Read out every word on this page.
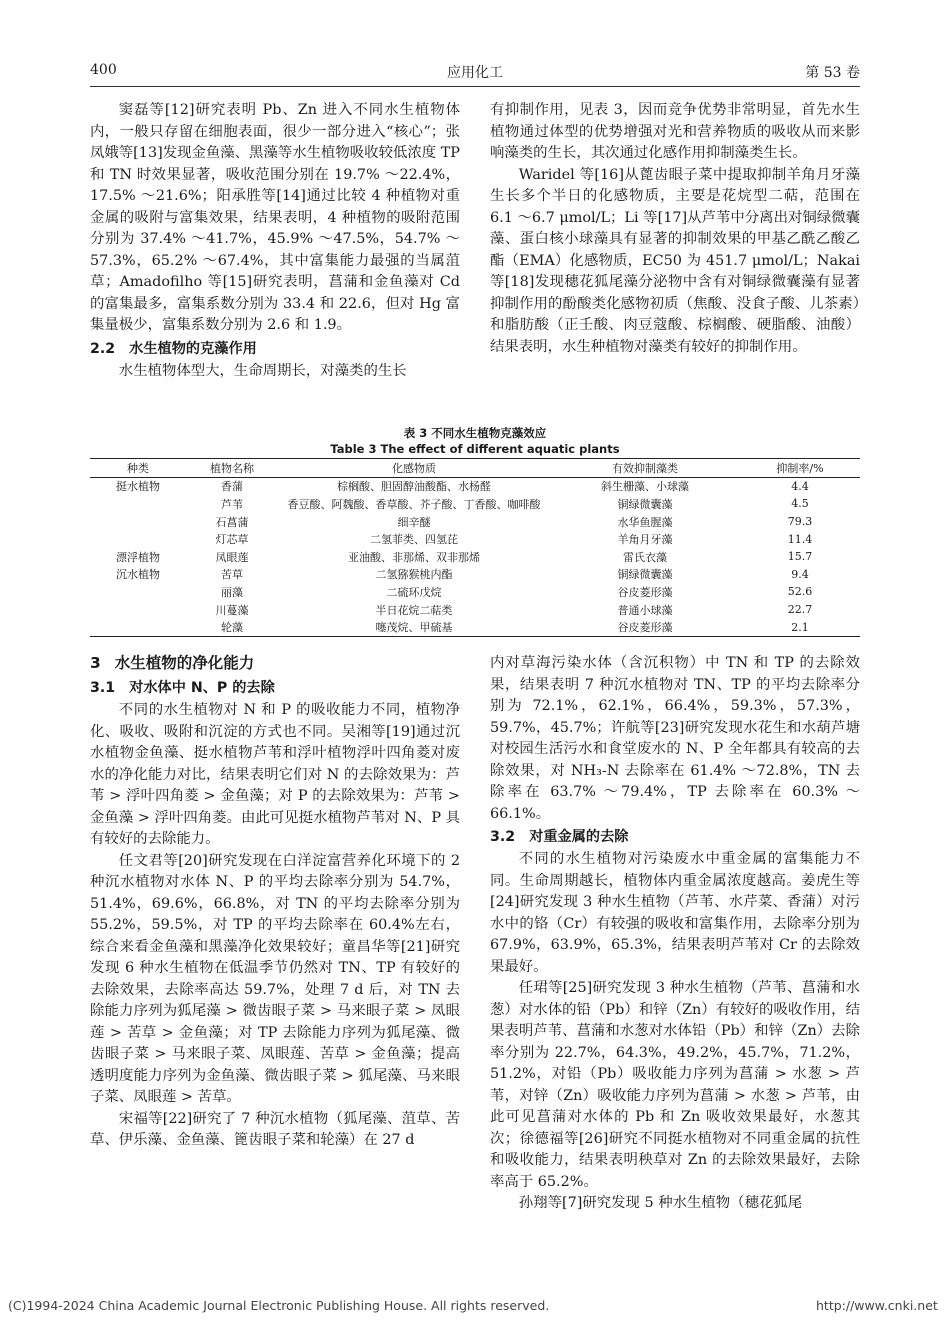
400	应用化工	第 53 卷

窦磊等[12]研究表明 Pb、Zn 进入不同水生植物体内，一般只存留在细胞表面，很少一部分进入“核心”；张凤娥等[13]发现金鱼藻、黑藻等水生植物吸收较低浓度 TP 和 TN 时效果显著，吸收范围分别在 19.7% ～22.4%，17.5% ～21.6%；阳承胜等[14]通过比较 4 种植物对重金属的吸附与富集效果，结果表明，4 种植物的吸附范围分别为 37.4% ～41.7%，45.9% ～47.5%，54.7% ～57.3%，65.2% ～67.4%，其中富集能力最强的当属菹草；Amadofilho 等[15]研究表明，菖蒲和金鱼藻对 Cd 的富集最多，富集系数分别为 33.4 和 22.6，但对 Hg 富集量极少，富集系数分别为 2.6 和 1.9。

2.2 水生植物的克藻作用

水生植物体型大，生命周期长，对藻类的生长

有抑制作用，见表 3，因而竞争优势非常明显，首先水生植物通过体型的优势增强对光和营养物质的吸收从而来影响藻类的生长，其次通过化感作用抑制藻类生长。

Waridel 等[16]从蓖齿眼子菜中提取抑制羊角月牙藻生长多个半日的化感物质，主要是花烷型二萜，范围在 6.1 ～6.7 μmol/L；Li 等[17]从芦苇中分离出对铜绿微囊藻、蛋白核小球藻具有显著的抑制效果的甲基乙酰乙酸乙酯（EMA）化感物质，EC50 为 451.7 μmol/L；Nakai 等[18]发现穗花狐尾藻分泌物中含有对铜绿微囊藻有显著抑制作用的酚酸类化感物初质（焦酸、没食子酸、儿茶素）和脂肪酸（正壬酸、肉豆蔻酸、棕榈酸、硬脂酸、油酸）结果表明，水生种植物对藻类有较好的抑制作用。

表 3 不同水生植物克藻效应
Table 3 The effect of different aquatic plants
种类	植物名称	化感物质	有效抑制藻类	抑制率/%
挺水植物	香蒲	棕榈酸、胆固醇油酸酯、水杨醛	斜生栅藻、小球藻	4.4
	芦苇	香豆酸、阿魏酸、香草酸、芥子酸、丁香酸、咖啡酸	铜绿微囊藻	4.5
	石菖蒲	细辛醚	水华鱼腥藻	79.3
	灯芯草	二氢菲类、四氢芘	羊角月牙藻	11.4
漂浮植物	凤眼莲	亚油酸、非那烯、双非那烯	雷氏衣藻	15.7
沉水植物	苦草	二氢猕猴桃内酯	铜绿微囊藻	9.4
	丽藻	二硫环戊烷	谷皮菱形藻	52.6
	川蔓藻	半日花烷二萜类	普通小球藻	22.7
	轮藻	噻茂烷、甲硫基	谷皮菱形藻	2.1
3 水生植物的净化能力
3.1 对水体中 N、P 的去除

不同的水生植物对 N 和 P 的吸收能力不同，植物净化、吸收、吸附和沉淀的方式也不同。吴湘等[19]通过沉水植物金鱼藻、挺水植物芦苇和浮叶植物浮叶四角菱对废水的净化能力对比，结果表明它们对 N 的去除效果为：芦苇 > 浮叶四角菱 > 金鱼藻；对 P 的去除效果为：芦苇 > 金鱼藻 > 浮叶四角菱。由此可见挺水植物芦苇对 N、P 具有较好的去除能力。

任文君等[20]研究发现在白洋淀富营养化环境下的 2 种沉水植物对水体 N、P 的平均去除率分别为 54.7%，51.4%，69.6%，66.8%，对 TN 的平均去除率分别为 55.2%，59.5%，对 TP 的平均去除率在 60.4%左右，综合来看金鱼藻和黑藻净化效果较好；童昌华等[21]研究发现 6 种水生植物在低温季节仍然对 TN、TP 有较好的去除效果，去除率高达 59.7%，处理 7 d 后，对 TN 去除能力序列为狐尾藻 > 微齿眼子菜 > 马来眼子菜 > 凤眼莲 > 苦草 > 金鱼藻；对 TP 去除能力序列为狐尾藻、微齿眼子菜 > 马来眼子菜、凤眼莲、苦草 > 金鱼藻；提高透明度能力序列为金鱼藻、微齿眼子菜 > 狐尾藻、马来眼子菜、凤眼莲 > 苦草。

宋福等[22]研究了 7 种沉水植物（狐尾藻、菹草、苦草、伊乐藻、金鱼藻、篦齿眼子菜和轮藻）在 27 d

内对草海污染水体（含沉积物）中 TN 和 TP 的去除效果，结果表明 7 种沉水植物对 TN、TP 的平均去除率分别为 72.1%，62.1%，66.4%，59.3%，57.3%，59.7%，45.7%；许航等[23]研究发现水花生和水葫芦塘对校园生活污水和食堂废水的 N、P 全年都具有较高的去除效果，对 NH₃-N 去除率在 61.4% ～72.8%，TN 去除率在 63.7% ～79.4%，TP 去除率在 60.3% ～66.1%。

3.2 对重金属的去除

不同的水生植物对污染废水中重金属的富集能力不同。生命周期越长，植物体内重金属浓度越高。姜虎生等[24]研究发现 3 种水生植物（芦苇、水芹菜、香蒲）对污水中的铬（Cr）有较强的吸收和富集作用，去除率分别为 67.9%，63.9%，65.3%，结果表明芦苇对 Cr 的去除效果最好。

任珺等[25]研究发现 3 种水生植物（芦苇、菖蒲和水葱）对水体的铅（Pb）和锌（Zn）有较好的吸收作用，结果表明芦苇、菖蒲和水葱对水体铅（Pb）和锌（Zn）去除率分别为 22.7%，64.3%，49.2%，45.7%，71.2%，51.2%，对铅（Pb）吸收能力序列为菖蒲 > 水葱 > 芦苇，对锌（Zn）吸收能力序列为菖蒲 > 水葱 > 芦苇，由此可见菖蒲对水体的 Pb 和 Zn 吸收效果最好，水葱其次；徐德福等[26]研究不同挺水植物对不同重金属的抗性和吸收能力，结果表明秧草对 Zn 的去除效果最好，去除率高于 65.2%。

孙翔等[7]研究发现 5 种水生植物（穗花狐尾

(C)1994-2024 China Academic Journal Electronic Publishing House. All rights reserved.	http://www.cnki.net
